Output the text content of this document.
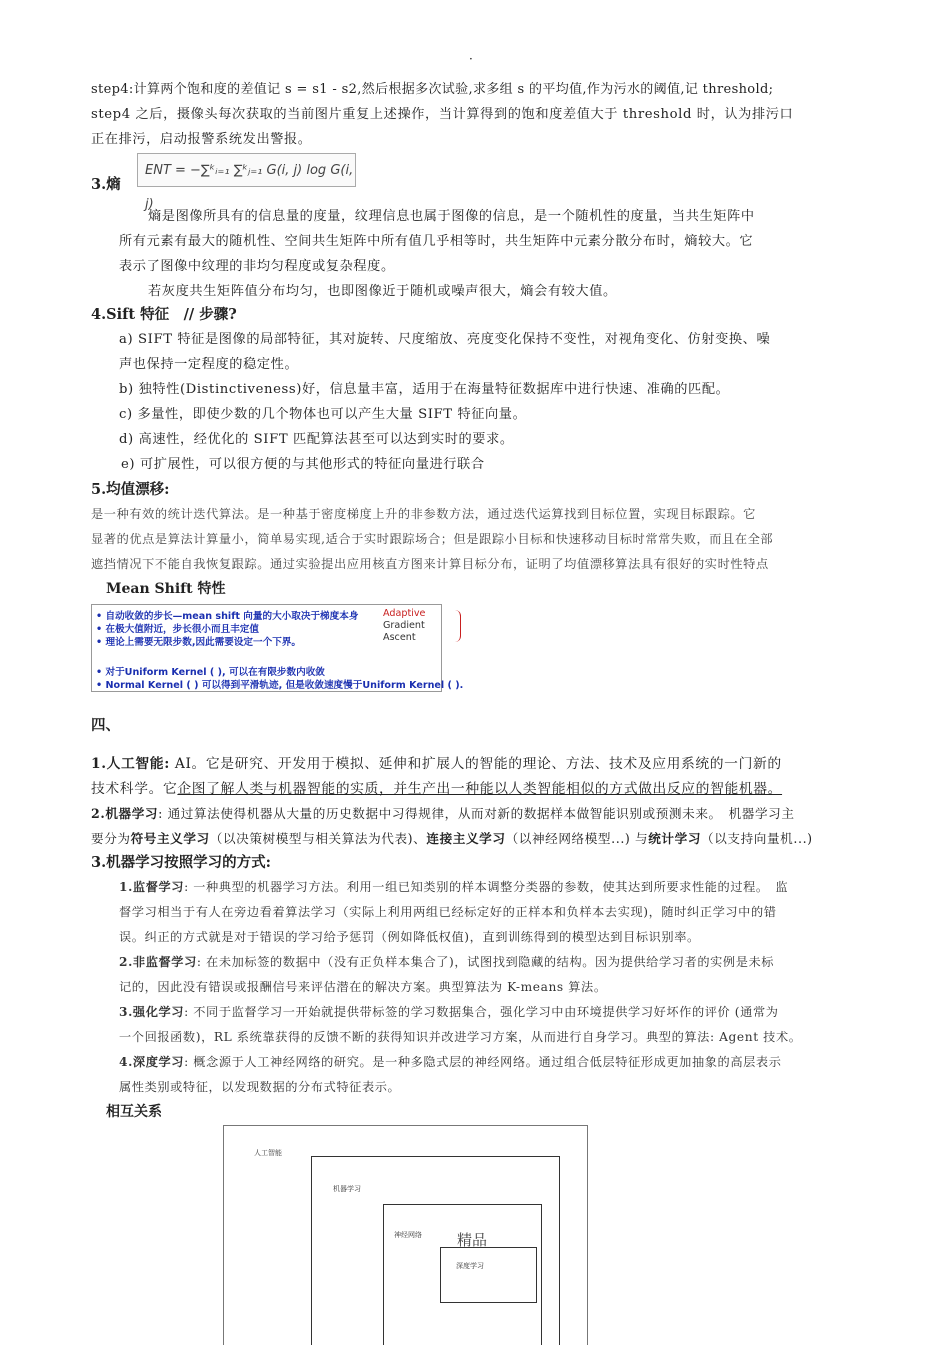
·
step4:计算两个饱和度的差值记 s = s1 - s2,然后根据多次试验,求多组 s 的平均值,作为污水的阈值,记 threshold;
step4 之后，摄像头每次获取的当前图片重复上述操作，当计算得到的饱和度差值大于 threshold 时，认为排污口
正在排污，启动报警系统发出警报。
3.熵
ENT = −∑ᵏᵢ₌₁ ∑ᵏⱼ₌₁ G(i, j) log G(i, j)
熵是图像所具有的信息量的度量，纹理信息也属于图像的信息，是一个随机性的度量，当共生矩阵中
所有元素有最大的随机性、空间共生矩阵中所有值几乎相等时，共生矩阵中元素分散分布时，熵较大。它
表示了图像中纹理的非均匀程度或复杂程度。
若灰度共生矩阵值分布均匀，也即图像近于随机或噪声很大，熵会有较大值。
4.Sift 特征　// 步骤?
a) SIFT 特征是图像的局部特征，其对旋转、尺度缩放、亮度变化保持不变性，对视角变化、仿射变换、噪
声也保持一定程度的稳定性。
b) 独特性(Distinctiveness)好，信息量丰富，适用于在海量特征数据库中进行快速、准确的匹配。
c) 多量性，即使少数的几个物体也可以产生大量 SIFT 特征向量。
d) 高速性，经优化的 SIFT 匹配算法甚至可以达到实时的要求。
e) 可扩展性，可以很方便的与其他形式的特征向量进行联合
5.均值漂移:
是一种有效的统计迭代算法。是一种基于密度梯度上升的非参数方法，通过迭代运算找到目标位置，实现目标跟踪。它
显著的优点是算法计算量小，简单易实现,适合于实时跟踪场合；但是跟踪小目标和快速移动目标时常常失败，而且在全部
遮挡情况下不能自我恢复跟踪。通过实验提出应用核直方图来计算目标分布，证明了均值漂移算法具有很好的实时性特点
Mean Shift 特性
• 自动收敛的步长—mean shift 向量的大小取决于梯度本身
• 在极大值附近，步长很小而且丰定值
• 理论上需要无限步数,因此需要设定一个下界。
Adaptive
Gradient
Ascent
• 对于Uniform Kernel ( ), 可以在有限步数内收敛
• Normal Kernel ( ) 可以得到平滑轨迹, 但是收敛速度慢于Uniform Kernel ( ).
四、
1.人工智能: AI。它是研究、开发用于模拟、延伸和扩展人的智能的理论、方法、技术及应用系统的一门新的
技术科学。它企图了解人类与机器智能的实质，并生产出一种能以人类智能相似的方式做出反应的智能机器。
2.机器学习: 通过算法使得机器从大量的历史数据中习得规律，从而对新的数据样本做智能识别或预测未来。　机器学习主
要分为符号主义学习（以决策树模型与相关算法为代表)、连接主义学习（以神经网络模型...) 与统计学习（以支持向量机...)
3.机器学习按照学习的方式:
1.监督学习: 一种典型的机器学习方法。利用一组已知类别的样本调整分类器的参数，使其达到所要求性能的过程。　监
督学习相当于有人在旁边看着算法学习（实际上利用两组已经标定好的正样本和负样本去实现)，随时纠正学习中的错
误。纠正的方式就是对于错误的学习给予惩罚（例如降低权值)，直到训练得到的模型达到目标识别率。
2.非监督学习: 在未加标签的数据中（没有正负样本集合了)，试图找到隐藏的结构。因为提供给学习者的实例是未标
记的，因此没有错误或报酬信号来评估潜在的解决方案。典型算法为 K-means 算法。
3.强化学习: 不同于监督学习一开始就提供带标签的学习数据集合，强化学习中由环境提供学习好坏作的评价 (通常为
一个回报函数)，RL 系统靠获得的反馈不断的获得知识并改进学习方案，从而进行自身学习。典型的算法: Agent 技术。
4.深度学习: 概念源于人工神经网络的研究。是一种多隐式层的神经网络。通过组合低层特征形成更加抽象的高层表示
属性类别或特征，以发现数据的分布式特征表示。
相互关系
人工智能
机器学习
神经网络 精品
深度学习
